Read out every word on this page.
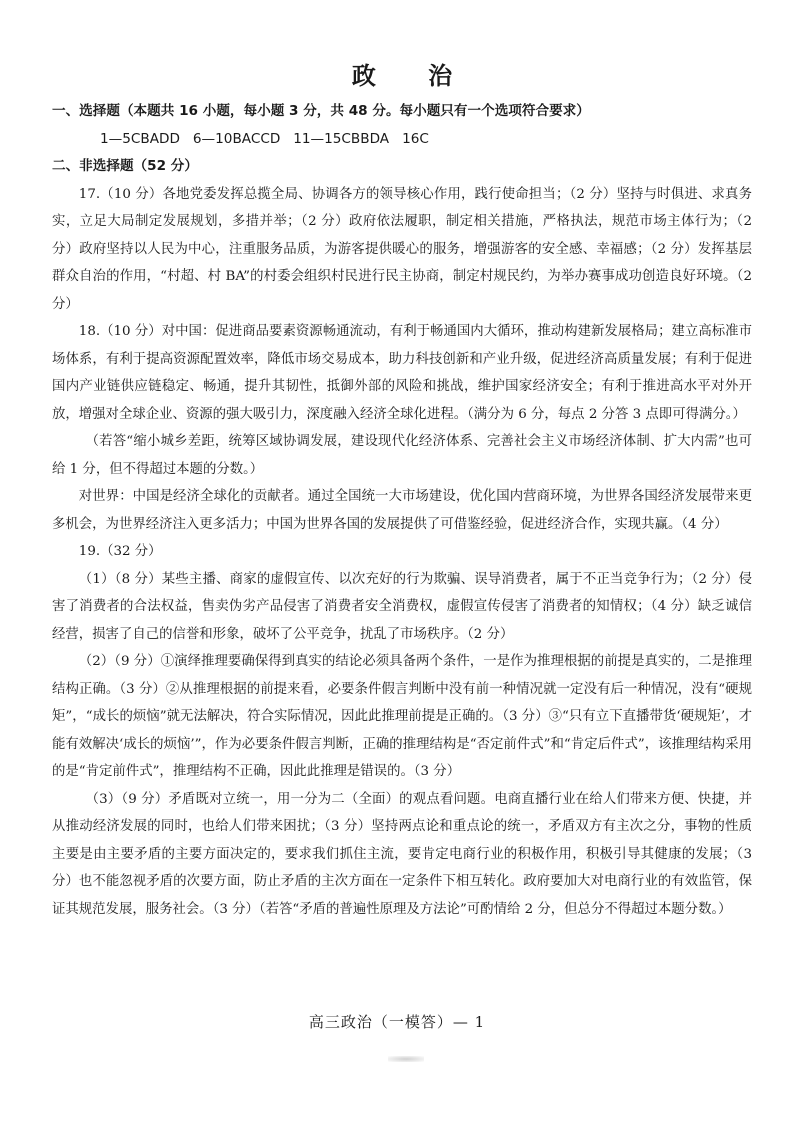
政 治
一、选择题（本题共 16 小题，每小题 3 分，共 48 分。每小题只有一个选项符合要求）
1—5CBADD   6—10BACCD   11—15CBBDA   16C
二、非选择题（52 分）

17.（10 分）各地党委发挥总揽全局、协调各方的领导核心作用，践行使命担当；（2 分）坚持与时俱进、求真务实，立足大局制定发展规划，多措并举；（2 分）政府依法履职，制定相关措施，严格执法，规范市场主体行为；（2 分）政府坚持以人民为中心，注重服务品质，为游客提供暖心的服务，增强游客的安全感、幸福感；（2 分）发挥基层群众自治的作用，“村超、村 BA”的村委会组织村民进行民主协商，制定村规民约，为举办赛事成功创造良好环境。（2 分）

18.（10 分）对中国：促进商品要素资源畅通流动，有利于畅通国内大循环，推动构建新发展格局；建立高标准市场体系，有利于提高资源配置效率，降低市场交易成本，助力科技创新和产业升级，促进经济高质量发展；有利于促进国内产业链供应链稳定、畅通，提升其韧性，抵御外部的风险和挑战，维护国家经济安全；有利于推进高水平对外开放，增强对全球企业、资源的强大吸引力，深度融入经济全球化进程。（满分为 6 分，每点 2 分答 3 点即可得满分。）

（若答“缩小城乡差距，统筹区域协调发展，建设现代化经济体系、完善社会主义市场经济体制、扩大内需”也可给 1 分，但不得超过本题的分数。）

对世界：中国是经济全球化的贡献者。通过全国统一大市场建设，优化国内营商环境，为世界各国经济发展带来更多机会，为世界经济注入更多活力；中国为世界各国的发展提供了可借鉴经验，促进经济合作，实现共赢。（4 分）

19.（32 分）

（1）（8 分）某些主播、商家的虚假宣传、以次充好的行为欺骗、误导消费者，属于不正当竞争行为；（2 分）侵害了消费者的合法权益，售卖伪劣产品侵害了消费者安全消费权，虚假宣传侵害了消费者的知情权；（4 分）缺乏诚信经营，损害了自己的信誉和形象，破坏了公平竞争，扰乱了市场秩序。（2 分）

（2）（9 分）①演绎推理要确保得到真实的结论必须具备两个条件，一是作为推理根据的前提是真实的，二是推理结构正确。（3 分）②从推理根据的前提来看，必要条件假言判断中没有前一种情况就一定没有后一种情况，没有“硬规矩”，“成长的烦恼”就无法解决，符合实际情况，因此此推理前提是正确的。（3 分）③“只有立下直播带货‘硬规矩’，才能有效解决‘成长的烦恼’”，作为必要条件假言判断，正确的推理结构是“否定前件式”和“肯定后件式”，该推理结构采用的是“肯定前件式”，推理结构不正确，因此此推理是错误的。（3 分）

（3）（9 分）矛盾既对立统一，用一分为二（全面）的观点看问题。电商直播行业在给人们带来方便、快捷，并从推动经济发展的同时，也给人们带来困扰；（3 分）坚持两点论和重点论的统一，矛盾双方有主次之分，事物的性质主要是由主要矛盾的主要方面决定的，要求我们抓住主流，要肯定电商行业的积极作用，积极引导其健康的发展；（3 分）也不能忽视矛盾的次要方面，防止矛盾的主次方面在一定条件下相互转化。政府要加大对电商行业的有效监管，保证其规范发展，服务社会。（3 分）（若答“矛盾的普遍性原理及方法论”可酌情给 2 分，但总分不得超过本题分数。）

高三政治（一模答）— 1
